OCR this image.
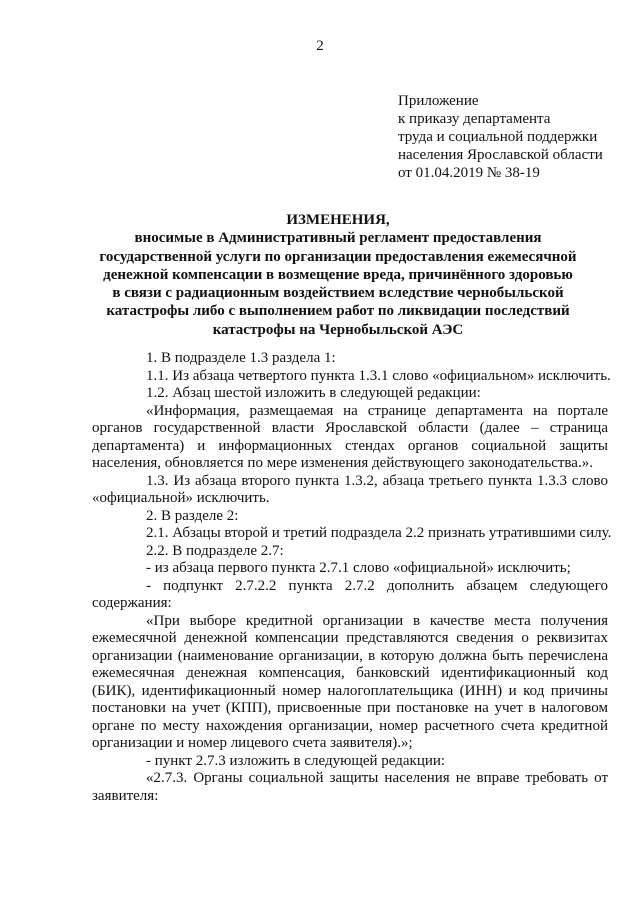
2
Приложение
к приказу департамента
труда и социальной поддержки
населения Ярославской области
от 01.04.2019 № 38-19
ИЗМЕНЕНИЯ,
вносимые в Административный регламент предоставления
государственной услуги по организации предоставления ежемесячной
денежной компенсации в возмещение вреда, причинённого здоровью
в связи с радиационным воздействием вследствие чернобыльской
катастрофы либо с выполнением работ по ликвидации последствий
катастрофы на Чернобыльской АЭС

1. В подразделе 1.3 раздела 1:

1.1. Из абзаца четвертого пункта 1.3.1 слово «официальном» исключить.

1.2. Абзац шестой изложить в следующей редакции:

«Информация, размещаемая на странице департамента на портале органов государственной власти Ярославской области (далее – страница департамента) и информационных стендах органов социальной защиты населения, обновляется по мере изменения действующего законодательства.».

1.3. Из абзаца второго пункта 1.3.2, абзаца третьего пункта 1.3.3 слово «официальной» исключить.

2. В разделе 2:

2.1. Абзацы второй и третий подраздела 2.2 признать утратившими силу.

2.2. В подразделе 2.7:

- из абзаца первого пункта 2.7.1 слово «официальной» исключить;

- подпункт 2.7.2.2 пункта 2.7.2 дополнить абзацем следующего содержания:

«При выборе кредитной организации в качестве места получения ежемесячной денежной компенсации представляются сведения о реквизитах организации (наименование организации, в которую должна быть перечислена ежемесячная денежная компенсация, банковский идентификационный код (БИК), идентификационный номер налогоплательщика (ИНН) и код причины постановки на учет (КПП), присвоенные при постановке на учет в налоговом органе по месту нахождения организации, номер расчетного счета кредитной организации и номер лицевого счета заявителя).»;

- пункт 2.7.3 изложить в следующей редакции:

«2.7.3. Органы социальной защиты населения не вправе требовать от заявителя:
